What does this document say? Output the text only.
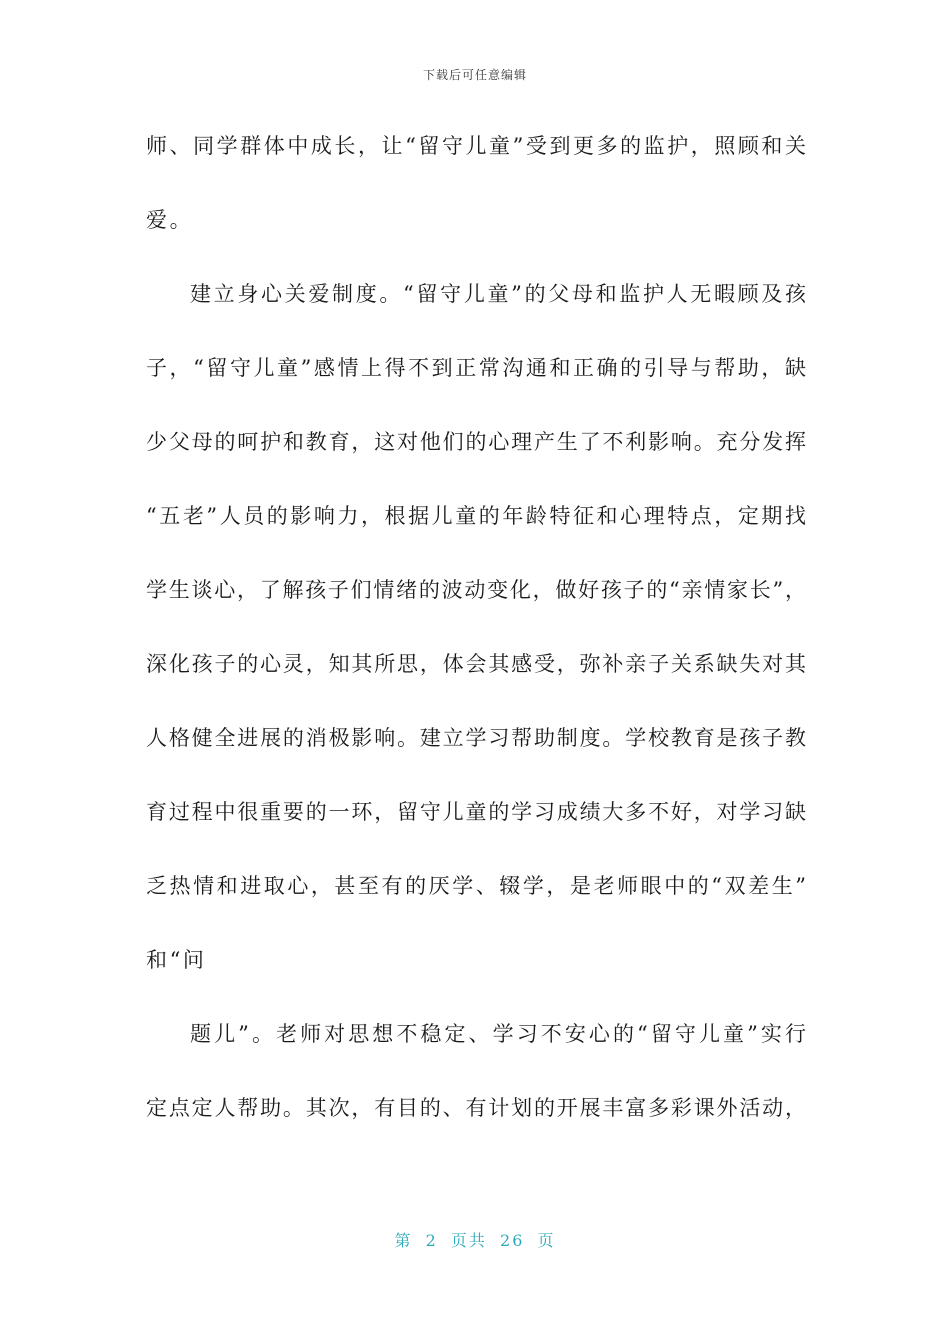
下载后可任意编辑
师、同学群体中成长，让“留守儿童”受到更多的监护，照顾和关
爱。
建立身心关爱制度。“留守儿童”的父母和监护人无暇顾及孩
子，“留守儿童”感情上得不到正常沟通和正确的引导与帮助，缺
少父母的呵护和教育，这对他们的心理产生了不利影响。充分发挥
“五老”人员的影响力，根据儿童的年龄特征和心理特点，定期找
学生谈心，了解孩子们情绪的波动变化，做好孩子的“亲情家长”，
深化孩子的心灵，知其所思，体会其感受，弥补亲子关系缺失对其
人格健全进展的消极影响。建立学习帮助制度。学校教育是孩子教
育过程中很重要的一环，留守儿童的学习成绩大多不好，对学习缺
乏热情和进取心，甚至有的厌学、辍学，是老师眼中的“双差生”
和“问
题儿”。老师对思想不稳定、学习不安心的“留守儿童”实行
定点定人帮助。其次，有目的、有计划的开展丰富多彩课外活动，
第 2 页共 26 页
